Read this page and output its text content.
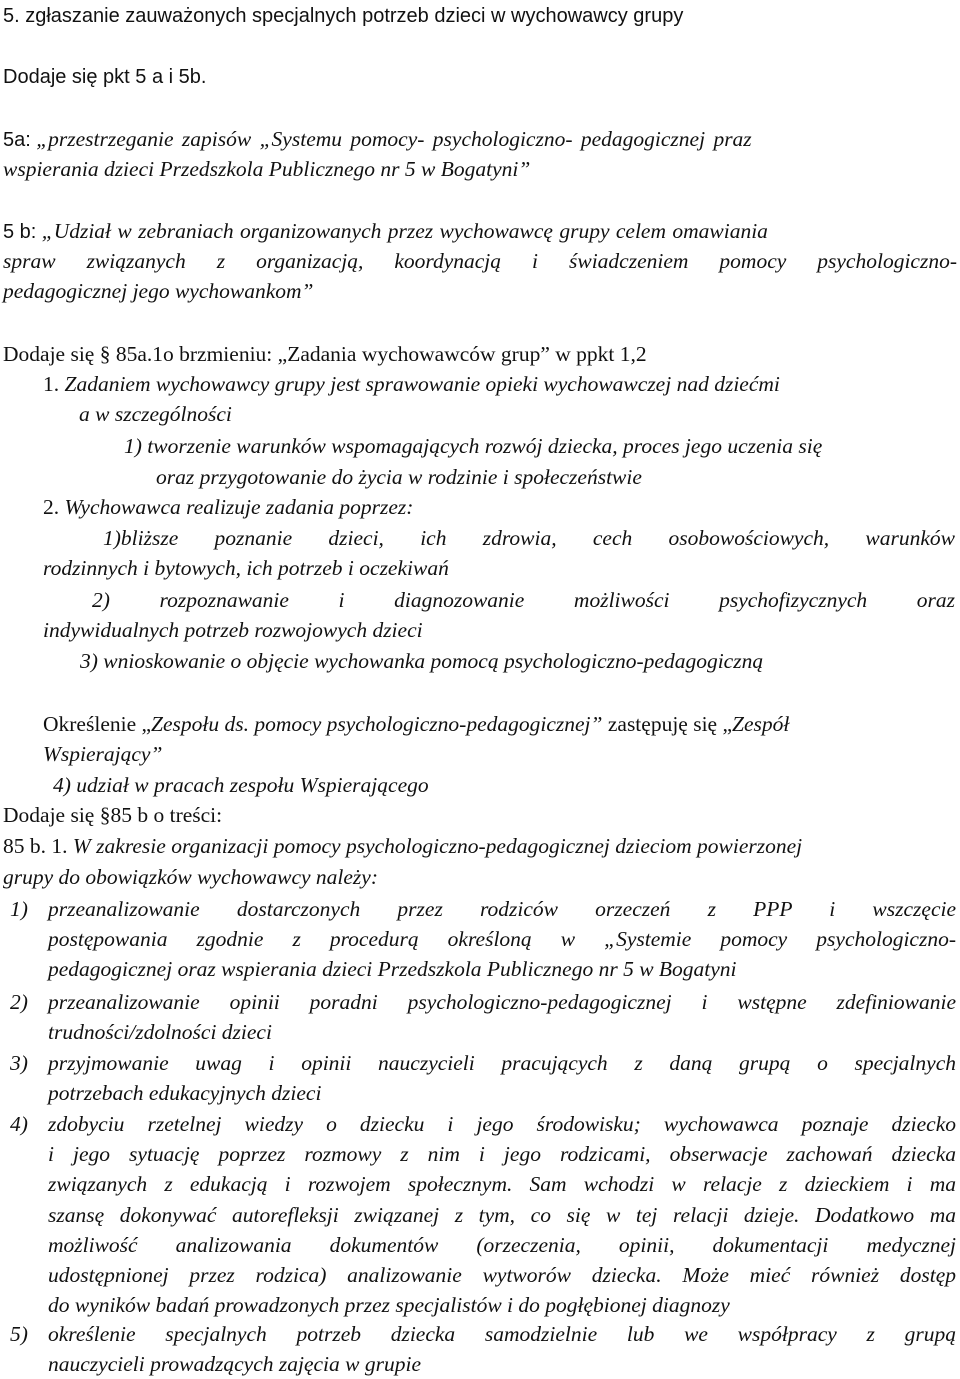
5. zgłaszanie zauważonych specjalnych potrzeb dzieci w wychowawcy grupy
Dodaje się pkt 5 a i 5b.
5a: „przestrzeganie zapisów „Systemu pomocy- psychologiczno- pedagogicznej praz
wspierania dzieci Przedszkola Publicznego nr 5 w Bogatyni”
5 b: „Udział w zebraniach organizowanych przez wychowawcę grupy celem omawiania
spraw związanych z organizacją, koordynacją i świadczeniem pomocy psychologiczno-
pedagogicznej jego wychowankom”
Dodaje się § 85a.1o brzmieniu: „Zadania wychowawców grup” w ppkt 1,2
1. Zadaniem wychowawcy grupy jest sprawowanie opieki wychowawczej nad dziećmi
a w szczególności
1) tworzenie warunków wspomagających rozwój dziecka, proces jego uczenia się
oraz przygotowanie do życia w rodzinie i społeczeństwie
2. Wychowawca realizuje zadania poprzez:
1)bliższe poznanie dzieci, ich zdrowia, cech osobowościowych, warunków
rodzinnych i bytowych, ich potrzeb i oczekiwań
2) rozpoznawanie i diagnozowanie możliwości psychofizycznych oraz
indywidualnych potrzeb rozwojowych dzieci
3) wnioskowanie o objęcie wychowanka pomocą psychologiczno-pedagogiczną
Określenie „Zespołu ds. pomocy psychologiczno-pedagogicznej” zastępuję się „Zespół
Wspierający”
4) udział w pracach zespołu Wspierającego
Dodaje się §85 b o treści:
85 b. 1. W zakresie organizacji pomocy psychologiczno-pedagogicznej dzieciom powierzonej
grupy do obowiązków wychowawcy należy:
1) przeanalizowanie dostarczonych przez rodziców orzeczeń z PPP i wszczęcie
postępowania zgodnie z procedurą określoną w „Systemie pomocy psychologiczno-
pedagogicznej oraz wspierania dzieci Przedszkola Publicznego nr 5 w Bogatyni
2) przeanalizowanie opinii poradni psychologiczno-pedagogicznej i wstępne zdefiniowanie
trudności/zdolności dzieci
3) przyjmowanie uwag i opinii nauczycieli pracujących z daną grupą o specjalnych
potrzebach edukacyjnych dzieci
4) zdobyciu rzetelnej wiedzy o dziecku i jego środowisku; wychowawca poznaje dziecko
i jego sytuację poprzez rozmowy z nim i jego rodzicami, obserwacje zachowań dziecka
związanych z edukacją i rozwojem społecznym. Sam wchodzi w relacje z dzieckiem i ma
szansę dokonywać autorefleksji związanej z tym, co się w tej relacji dzieje. Dodatkowo ma
możliwość analizowania dokumentów (orzeczenia, opinii, dokumentacji medycznej
udostępnionej przez rodzica) analizowanie wytworów dziecka. Może mieć również dostęp
do wyników badań prowadzonych przez specjalistów i do pogłębionej diagnozy
5) określenie specjalnych potrzeb dziecka samodzielnie lub we współpracy z grupą
nauczycieli prowadzących zajęcia w grupie
